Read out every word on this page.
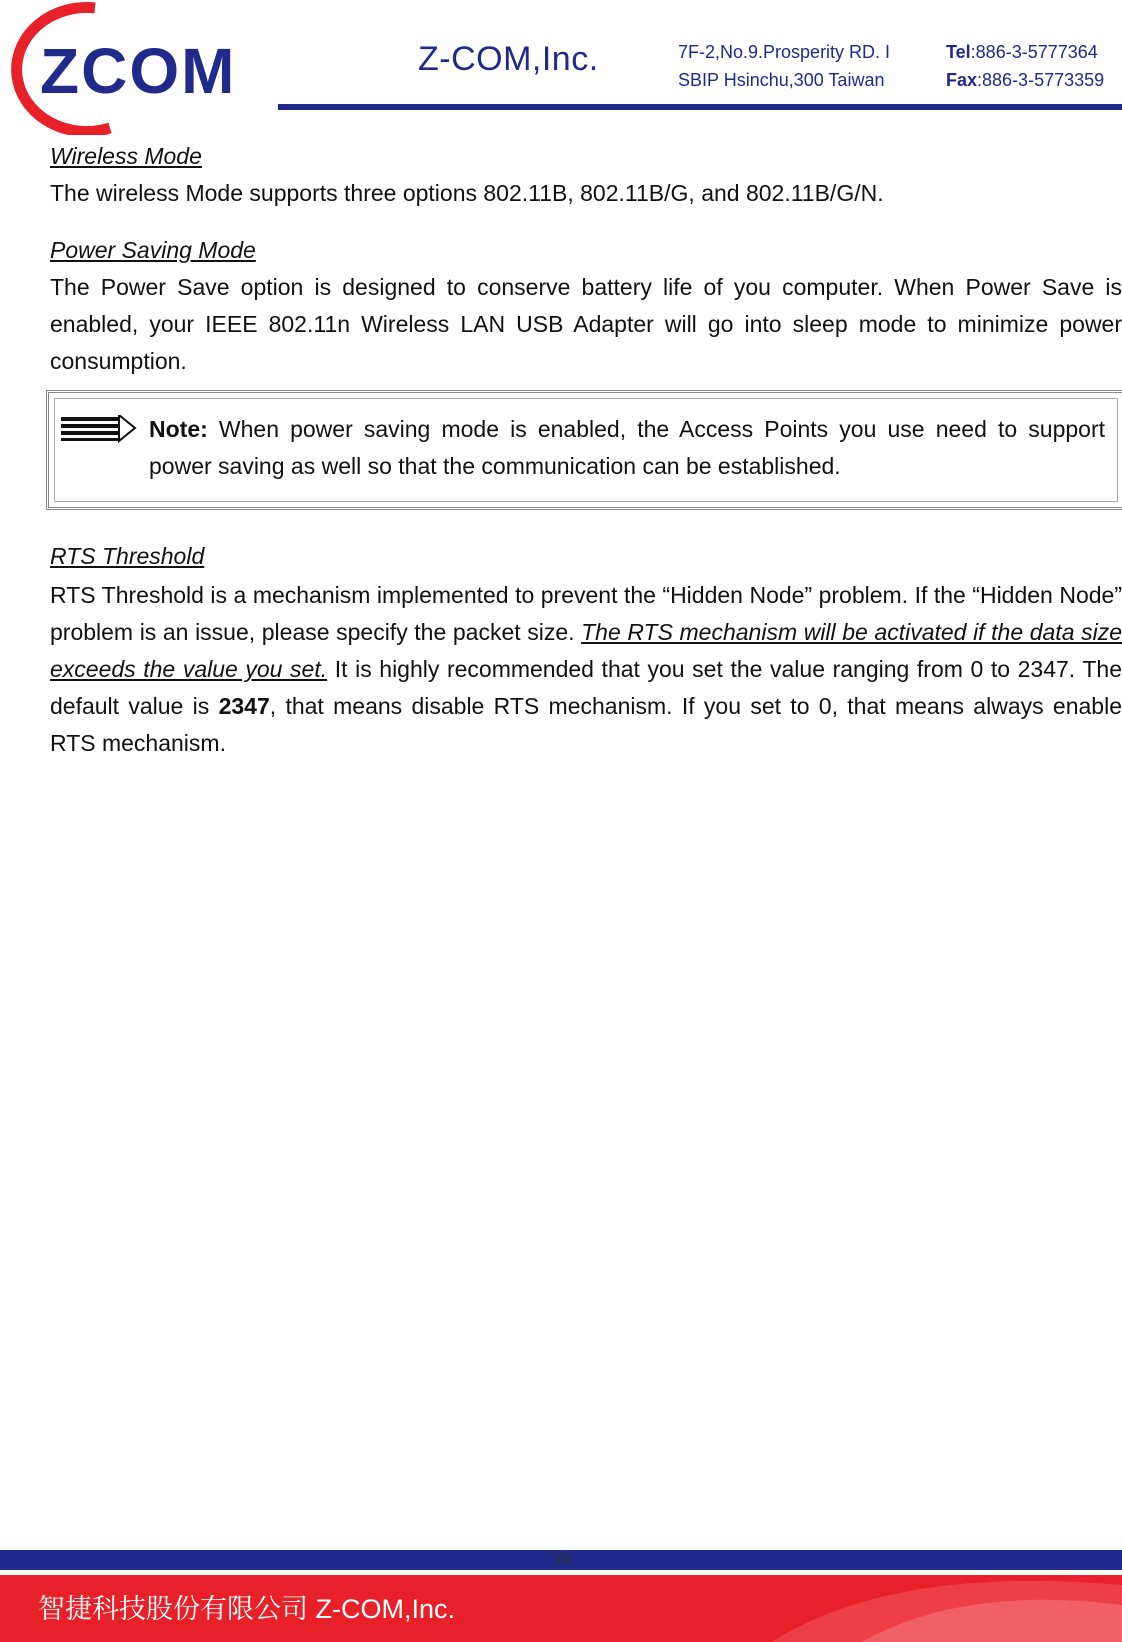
ZCOM	Z-COM,Inc.	7F-2,No.9.Prosperity RD. I
SBIP Hsinchu,300 Taiwan
Tel:886-3-5777364
Fax:886-3-5773359

Wireless Mode

The wireless Mode supports three options 802.11B, 802.11B/G, and 802.11B/G/N.

Power Saving Mode

The Power Save option is designed to conserve battery life of you computer. When Power Save is enabled, your IEEE 802.11n Wireless LAN USB Adapter will go into sleep mode to minimize power consumption.

Note: When power saving mode is enabled, the Access Points you use need to support power saving as well so that the communication can be established.

RTS Threshold

RTS Threshold is a mechanism implemented to prevent the “Hidden Node” problem. If the “Hidden Node” problem is an issue, please specify the packet size. The RTS mechanism will be activated if the data size exceeds the value you set. It is highly recommended that you set the value ranging from 0 to 2347. The default value is 2347, that means disable RTS mechanism. If you set to 0, that means always enable RTS mechanism.

39
智捷科技股份有限公司 Z-COM,Inc.
